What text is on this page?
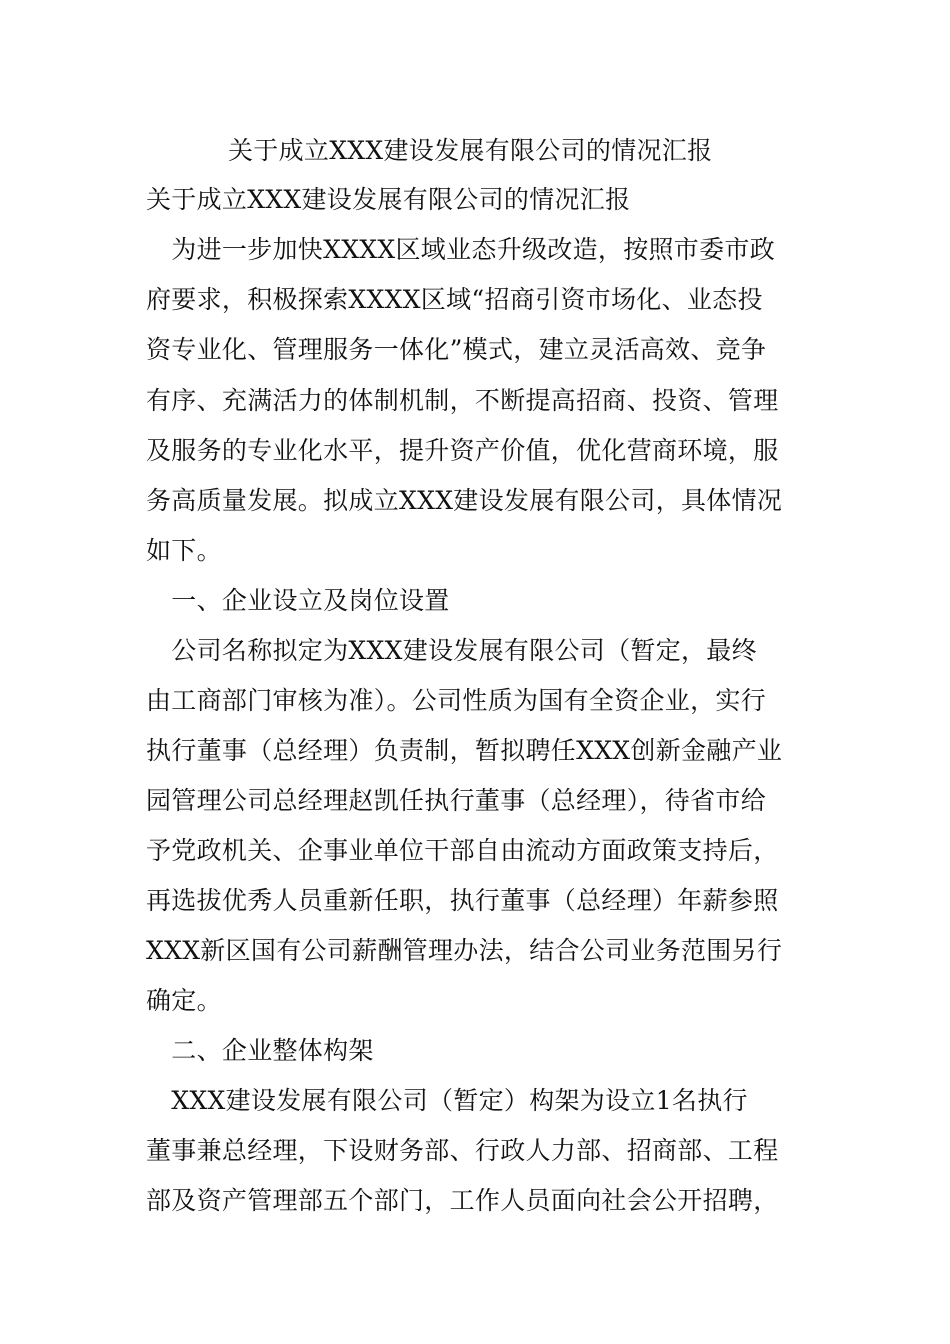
关于成立XXX建设发展有限公司的情况汇报
关于成立XXX建设发展有限公司的情况汇报
　为进一步加快XXXX区域业态升级改造，按照市委市政
府要求，积极探索XXXX区域“招商引资市场化、业态投
资专业化、管理服务一体化”模式，建立灵活高效、竞争
有序、充满活力的体制机制，不断提高招商、投资、管理
及服务的专业化水平，提升资产价值，优化营商环境，服
务高质量发展。拟成立XXX建设发展有限公司，具体情况
如下。
　一、企业设立及岗位设置
　公司名称拟定为XXX建设发展有限公司（暂定，最终
由工商部门审核为准）。公司性质为国有全资企业，实行
执行董事（总经理）负责制，暂拟聘任XXX创新金融产业
园管理公司总经理赵凯任执行董事（总经理），待省市给
予党政机关、企事业单位干部自由流动方面政策支持后，
再选拔优秀人员重新任职，执行董事（总经理）年薪参照
XXX新区国有公司薪酬管理办法，结合公司业务范围另行
确定。
　二、企业整体构架
　XXX建设发展有限公司（暂定）构架为设立1名执行
董事兼总经理，下设财务部、行政人力部、招商部、工程
部及资产管理部五个部门，工作人员面向社会公开招聘，
